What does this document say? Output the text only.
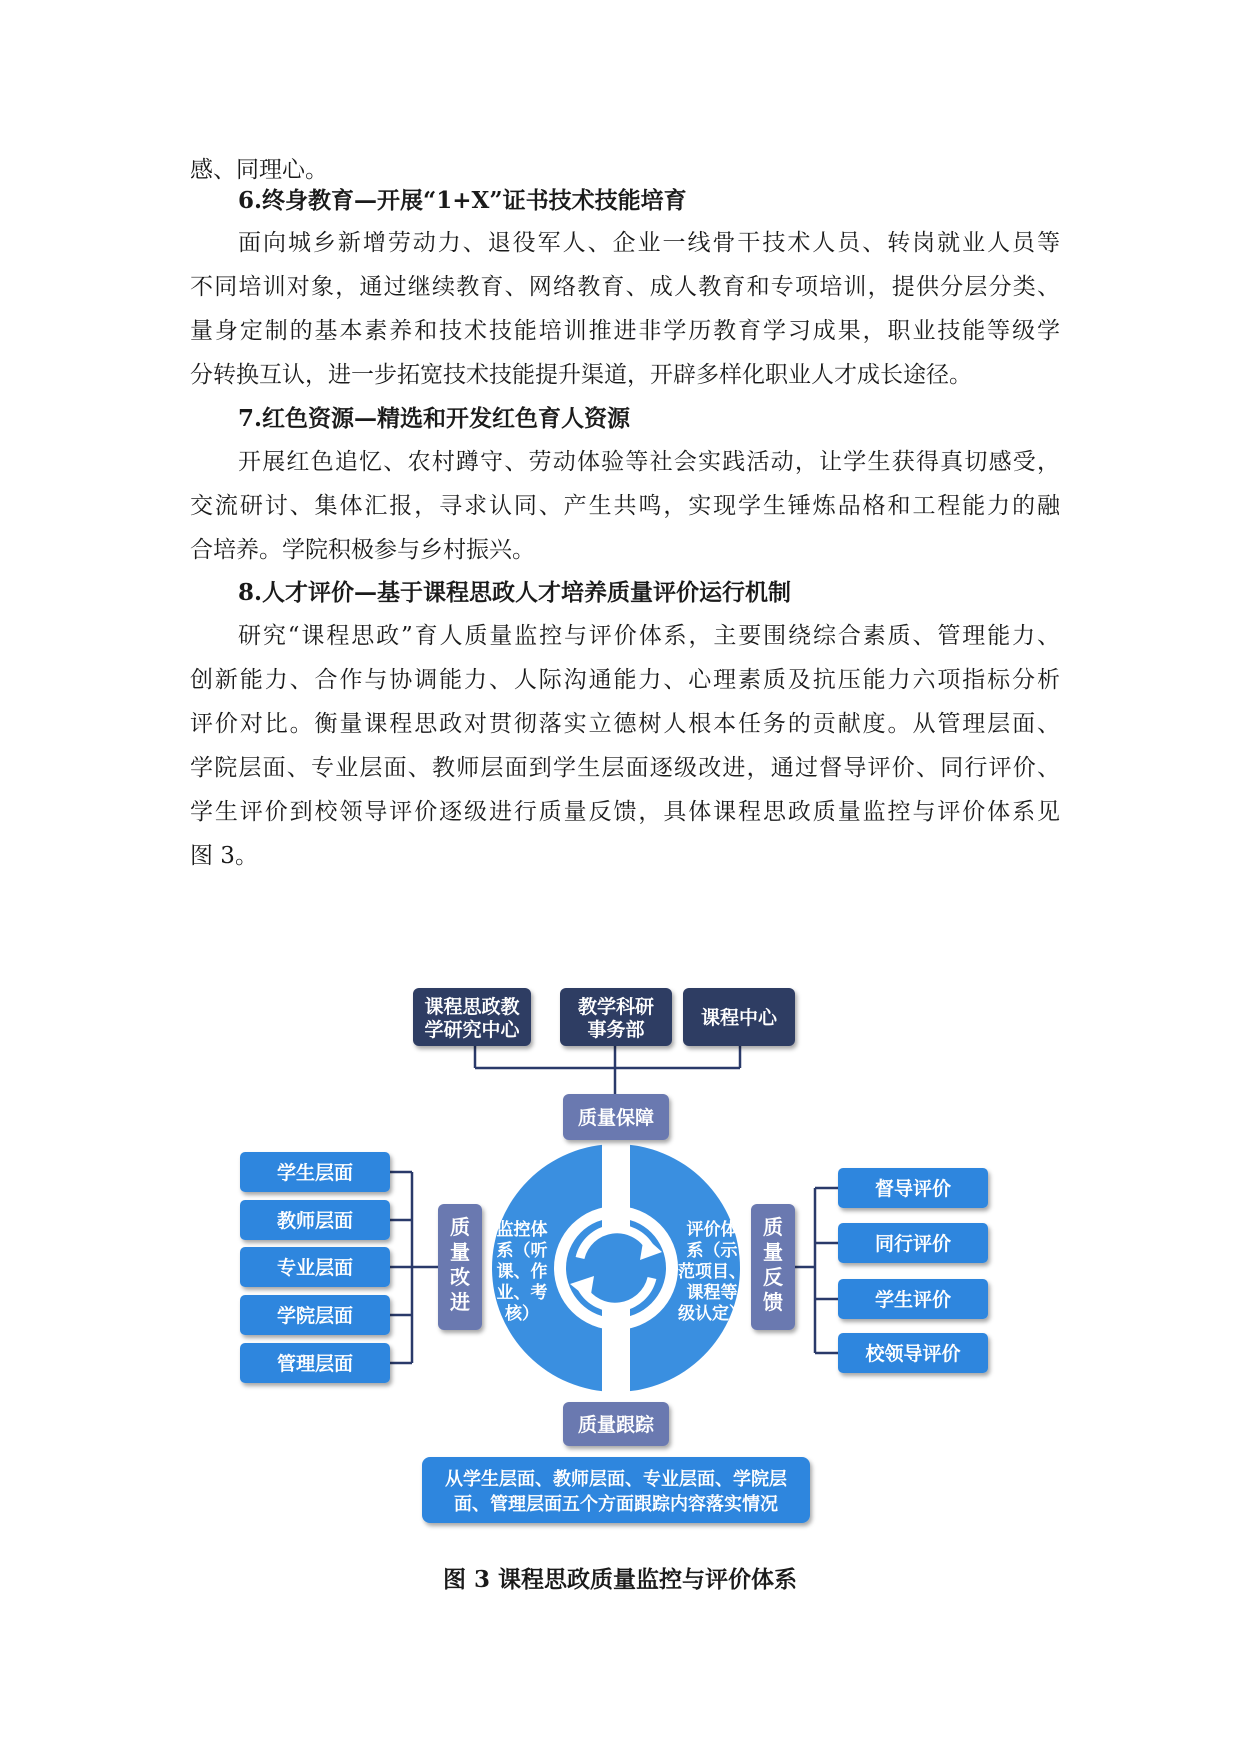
感、同理心。
6.终身教育—开展“1+X”证书技术技能培育
面向城乡新增劳动力、退役军人、企业一线骨干技术人员、转岗就业人员等
不同培训对象，通过继续教育、网络教育、成人教育和专项培训，提供分层分类、
量身定制的基本素养和技术技能培训推进非学历教育学习成果，职业技能等级学
分转换互认，进一步拓宽技术技能提升渠道，开辟多样化职业人才成长途径。
7.红色资源—精选和开发红色育人资源
开展红色追忆、农村蹲守、劳动体验等社会实践活动，让学生获得真切感受，
交流研讨、集体汇报，寻求认同、产生共鸣，实现学生锤炼品格和工程能力的融
合培养。学院积极参与乡村振兴。
8.人才评价—基于课程思政人才培养质量评价运行机制
研究“课程思政”育人质量监控与评价体系，主要围绕综合素质、管理能力、
创新能力、合作与协调能力、人际沟通能力、心理素质及抗压能力六项指标分析
评价对比。衡量课程思政对贯彻落实立德树人根本任务的贡献度。从管理层面、
学院层面、专业层面、教师层面到学生层面逐级改进，通过督导评价、同行评价、
学生评价到校领导评价逐级进行质量反馈，具体课程思政质量监控与评价体系见
图 3。
课程思政教
学研究中心
教学科研
事务部
课程中心
质量保障
质量跟踪
学生层面
教师层面
专业层面
学院层面
管理层面
质
量
改
进
监控体
系（听
课、作
业、考
核）
评价体
系（示
范项目、
课程等
级认定）
质
量
反
馈
督导评价
同行评价
学生评价
校领导评价
从学生层面、教师层面、专业层面、学院层
面、管理层面五个方面跟踪内容落实情况
图 3 课程思政质量监控与评价体系
